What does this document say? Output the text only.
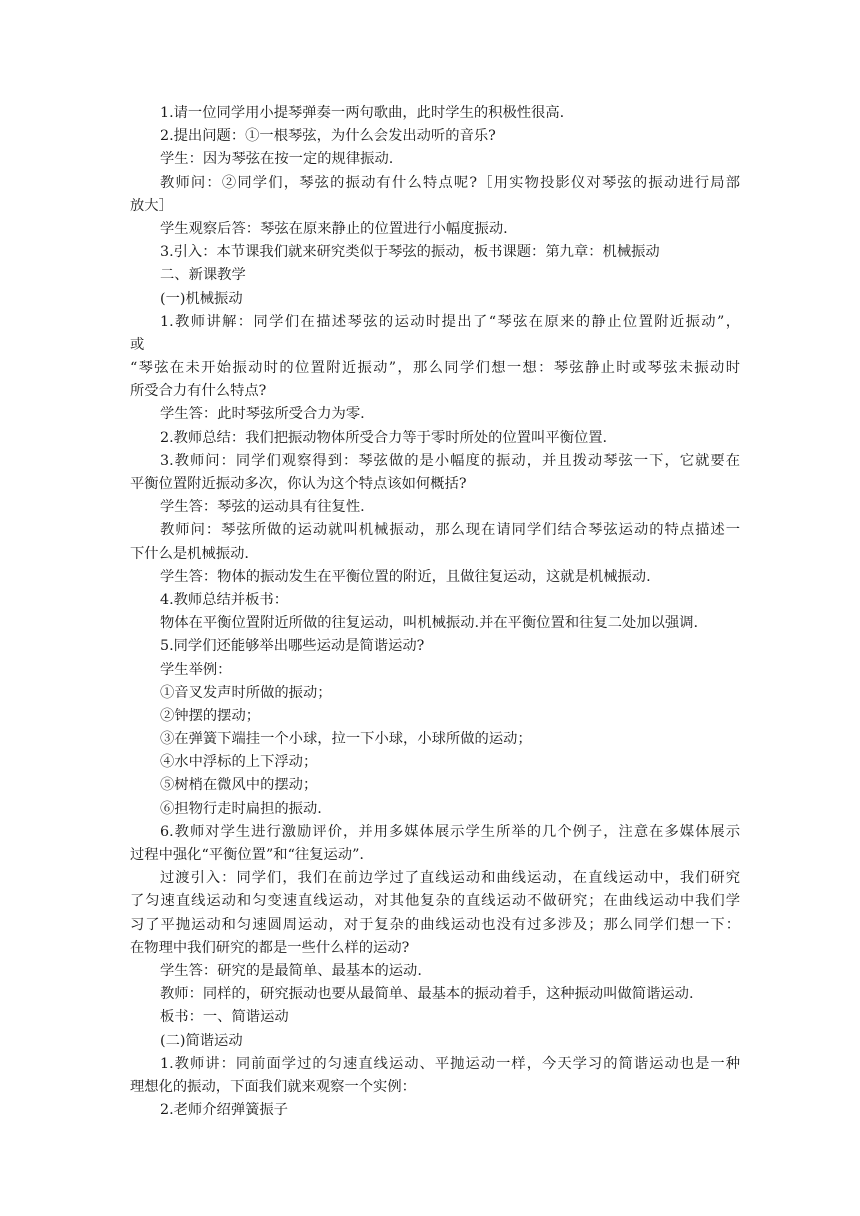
1.请一位同学用小提琴弹奏一两句歌曲，此时学生的积极性很高.
2.提出问题：①一根琴弦，为什么会发出动听的音乐?
学生：因为琴弦在按一定的规律振动.
教师问：②同学们，琴弦的振动有什么特点呢?［用实物投影仪对琴弦的振动进行局部
放大］
学生观察后答：琴弦在原来静止的位置进行小幅度振动.
3.引入：本节课我们就来研究类似于琴弦的振动，板书课题：第九章：机械振动
二、新课教学
(一)机械振动
1.教师讲解：同学们在描述琴弦的运动时提出了“琴弦在原来的静止位置附近振动”，
或
“琴弦在未开始振动时的位置附近振动”，那么同学们想一想：琴弦静止时或琴弦未振动时
所受合力有什么特点?
学生答：此时琴弦所受合力为零.
2.教师总结：我们把振动物体所受合力等于零时所处的位置叫平衡位置.
3.教师问：同学们观察得到：琴弦做的是小幅度的振动，并且拨动琴弦一下，它就要在
平衡位置附近振动多次，你认为这个特点该如何概括?
学生答：琴弦的运动具有往复性.
教师问：琴弦所做的运动就叫机械振动，那么现在请同学们结合琴弦运动的特点描述一
下什么是机械振动.
学生答：物体的振动发生在平衡位置的附近，且做往复运动，这就是机械振动.
4.教师总结并板书：
物体在平衡位置附近所做的往复运动，叫机械振动.并在平衡位置和往复二处加以强调.
5.同学们还能够举出哪些运动是简谐运动?
学生举例：
①音叉发声时所做的振动；
②钟摆的摆动；
③在弹簧下端挂一个小球，拉一下小球，小球所做的运动；
④水中浮标的上下浮动；
⑤树梢在微风中的摆动；
⑥担物行走时扁担的振动.
6.教师对学生进行激励评价，并用多媒体展示学生所举的几个例子，注意在多媒体展示
过程中强化“平衡位置”和“往复运动”.
过渡引入：同学们，我们在前边学过了直线运动和曲线运动，在直线运动中，我们研究
了匀速直线运动和匀变速直线运动，对其他复杂的直线运动不做研究；在曲线运动中我们学
习了平抛运动和匀速圆周运动，对于复杂的曲线运动也没有过多涉及；那么同学们想一下：
在物理中我们研究的都是一些什么样的运动?
学生答：研究的是最简单、最基本的运动.
教师：同样的，研究振动也要从最简单、最基本的振动着手，这种振动叫做简谐运动.
板书：一、简谐运动
(二)简谐运动
1.教师讲：同前面学过的匀速直线运动、平抛运动一样，今天学习的简谐运动也是一种
理想化的振动，下面我们就来观察一个实例：
2.老师介绍弹簧振子
